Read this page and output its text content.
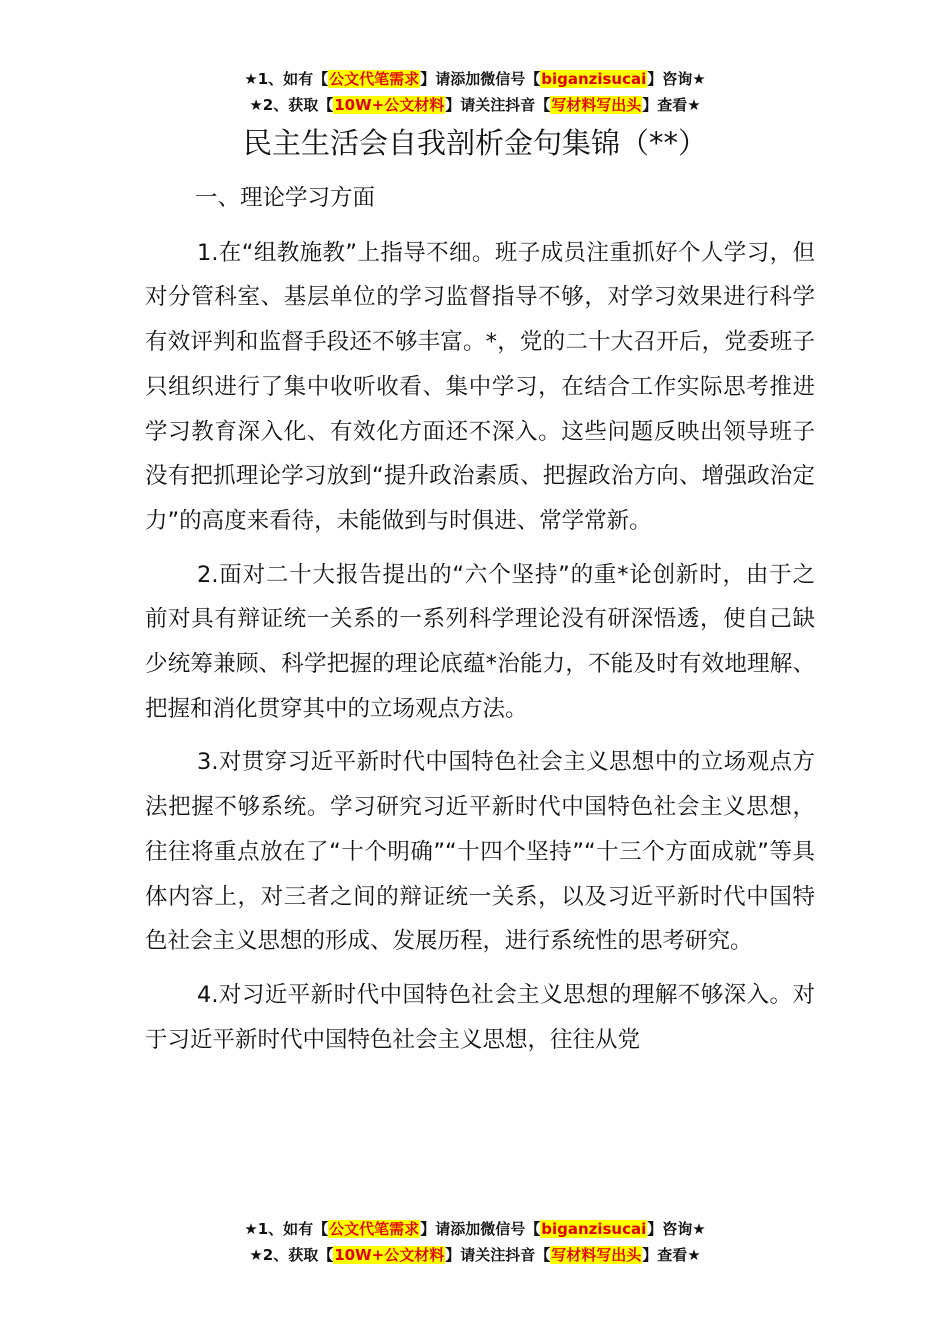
★1、如有【公文代笔需求】请添加微信号【biganzisucai】咨询★
★2、获取【10W+公文材料】请关注抖音【写材料写出头】查看★
民主生活会自我剖析金句集锦（**）

一、理论学习方面

1.在“组教施教”上指导不细。班子成员注重抓好个人学习，但对分管科室、基层单位的学习监督指导不够，对学习效果进行科学有效评判和监督手段还不够丰富。*，党的二十大召开后，党委班子只组织进行了集中收听收看、集中学习，在结合工作实际思考推进学习教育深入化、有效化方面还不深入。这些问题反映出领导班子没有把抓理论学习放到“提升政治素质、把握政治方向、增强政治定力”的高度来看待，未能做到与时俱进、常学常新。

2.面对二十大报告提出的“六个坚持”的重*论创新时，由于之前对具有辩证统一关系的一系列科学理论没有研深悟透，使自己缺少统筹兼顾、科学把握的理论底蕴*治能力，不能及时有效地理解、把握和消化贯穿其中的立场观点方法。

3.对贯穿习近平新时代中国特色社会主义思想中的立场观点方法把握不够系统。学习研究习近平新时代中国特色社会主义思想，往往将重点放在了“十个明确”“十四个坚持”“十三个方面成就”等具体内容上，对三者之间的辩证统一关系，以及习近平新时代中国特色社会主义思想的形成、发展历程，进行系统性的思考研究。

4.对习近平新时代中国特色社会主义思想的理解不够深入。对于习近平新时代中国特色社会主义思想，往往从党

★1、如有【公文代笔需求】请添加微信号【biganzisucai】咨询★
★2、获取【10W+公文材料】请关注抖音【写材料写出头】查看★
